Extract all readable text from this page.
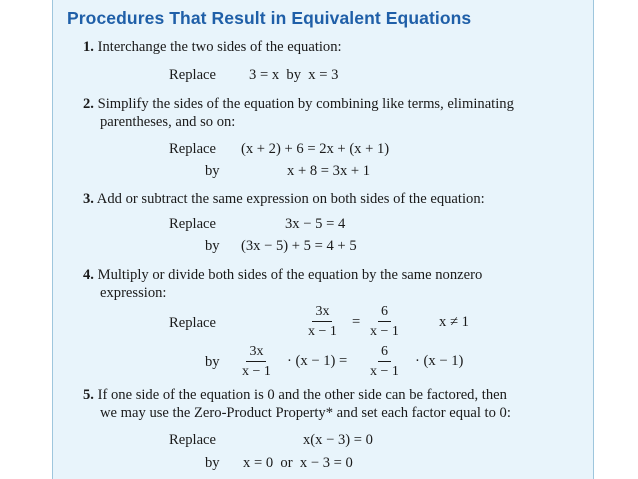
Procedures That Result in Equivalent Equations
1. Interchange the two sides of the equation:
Replace 3 = x  by  x = 3
2. Simplify the sides of the equation by combining like terms, eliminating
parentheses, and so on:
Replace (x + 2) + 6 = 2x + (x + 1)
by	x + 8 = 3x + 1
3. Add or subtract the same expression on both sides of the equation:
Replace	3x − 5 = 4
by (3x − 5) + 5 = 4 + 5
4. Multiply or divide both sides of the equation by the same nonzero
expression:
Replace	$\frac{3x}{x - 1} = \frac{6}{x - 1}$	x ≠ 1
by $\frac{3x}{x - 1} \cdot (x - 1) = \frac{6}{x - 1} \cdot (x - 1)$
5. If one side of the equation is 0 and the other side can be factored, then
we may use the Zero-Product Property* and set each factor equal to 0:
Replace	x(x − 3) = 0
by x = 0  or  x − 3 = 0
